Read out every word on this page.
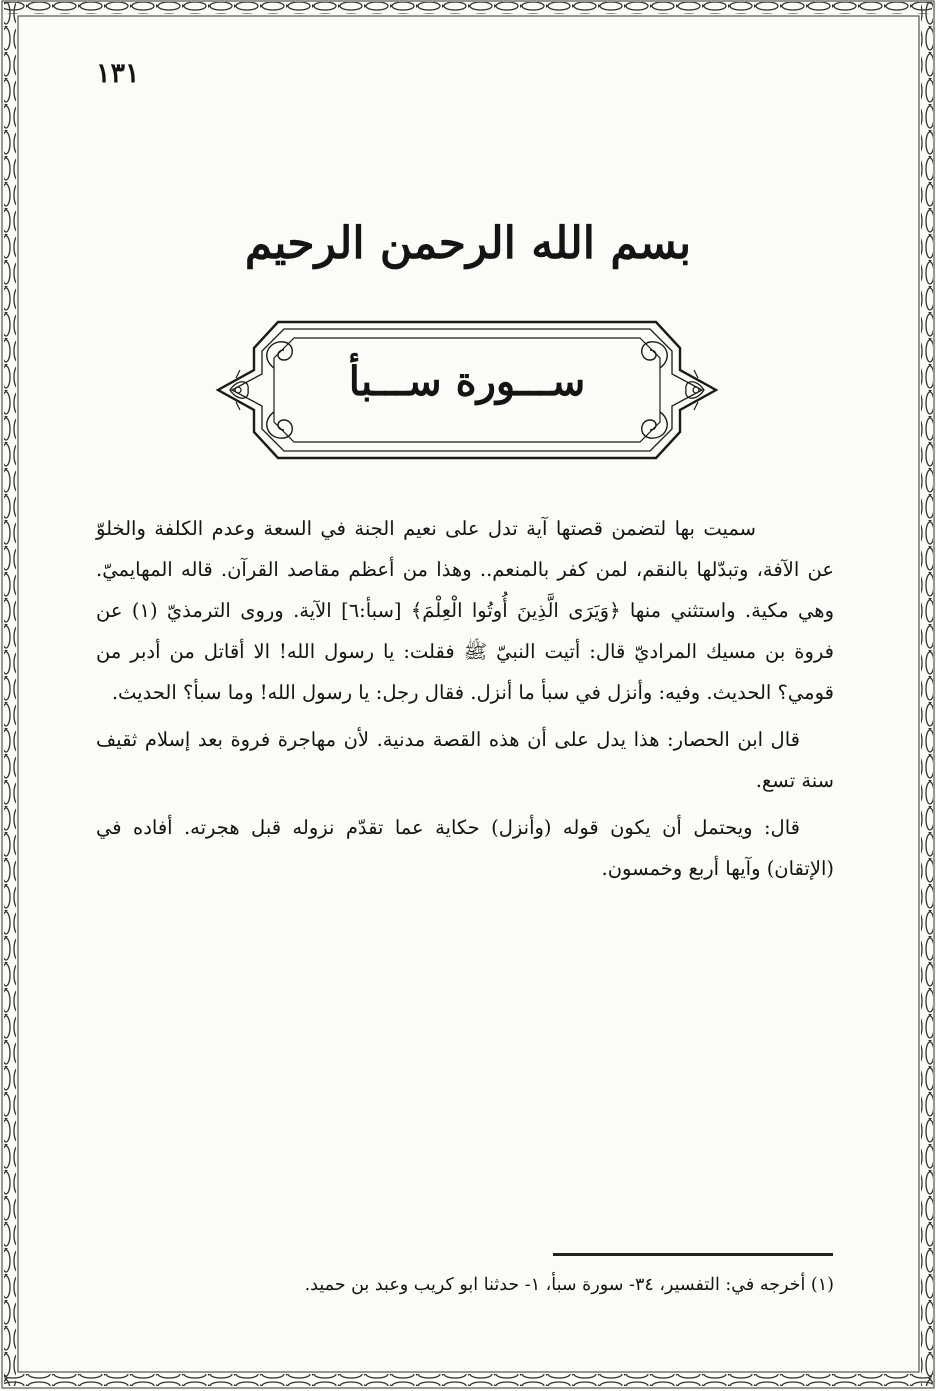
١٣١
بسم الله الرحمن الرحيم
ســـورة ســـبأ

سميت بها لتضمن قصتها آية تدل على نعيم الجنة في السعة وعدم الكلفة والخلوّ عن الآفة، وتبدّلها بالنقم، لمن كفر بالمنعم.. وهذا من أعظم مقاصد القرآن. قاله المهايميّ. وهي مكية. واستثني منها ﴿وَيَرَى الَّذِينَ أُوتُوا الْعِلْمَ﴾ [سبأ:٦] الآية. وروى الترمذيّ (١) عن فروة بن مسيك المراديّ قال: أتيت النبيّ ﷺ فقلت: يا رسول الله! الا أقاتل من أدبر من قومي؟ الحديث. وفيه: وأنزل في سبأ ما أنزل. فقال رجل: يا رسول الله! وما سبأ؟ الحديث.

قال ابن الحصار: هذا يدل على أن هذه القصة مدنية. لأن مهاجرة فروة بعد إسلام ثقيف سنة تسع.

قال: ويحتمل أن يكون قوله (وأنزل) حكاية عما تقدّم نزوله قبل هجرته. أفاده في (الإتقان) وآيها أربع وخمسون.

(١) أخرجه في: التفسير، ٣٤- سورة سبأ، ١- حدثنا ابو كريب وعبد بن حميد.
